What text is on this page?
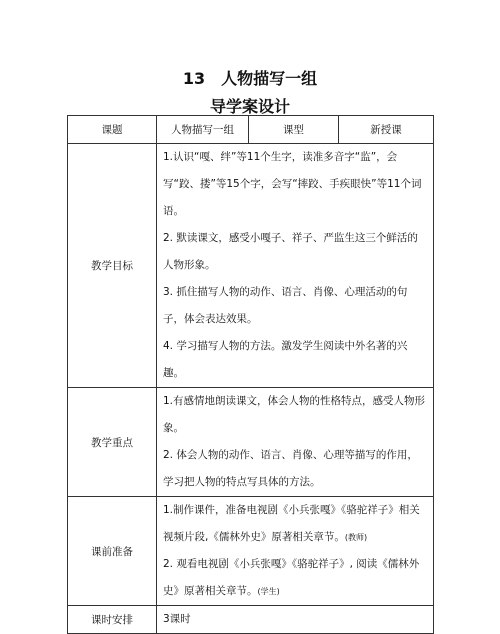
13　人物描写一组
导学案设计
课题	人物描写一组	课型	新授课
教学目标	1.认识“嘎、绊”等11个生字，读准多音字“监”，会写“跤、搂”等15个字，会写“摔跤、手疾眼快”等11个词语。

2. 默读课文，感受小嘎子、祥子、严监生这三个鲜活的人物形象。

3. 抓住描写人物的动作、语言、肖像、心理活动的句子，体会表达效果。

4. 学习描写人物的方法。激发学生阅读中外名著的兴趣。		

教学重点	1.有感情地朗读课文，体会人物的性格特点，感受人物形象。

2. 体会人物的动作、语言、肖像、心理等描写的作用，学习把人物的特点写具体的方法。		

课前准备	1.制作课件，准备电视剧《小兵张嘎》《骆驼祥子》相关视频片段,《儒林外史》原著相关章节。(教师)

2. 观看电视剧《小兵张嘎》《骆驼祥子》, 阅读《儒林外史》原著相关章节。(学生)		

课时安排	3课时		
